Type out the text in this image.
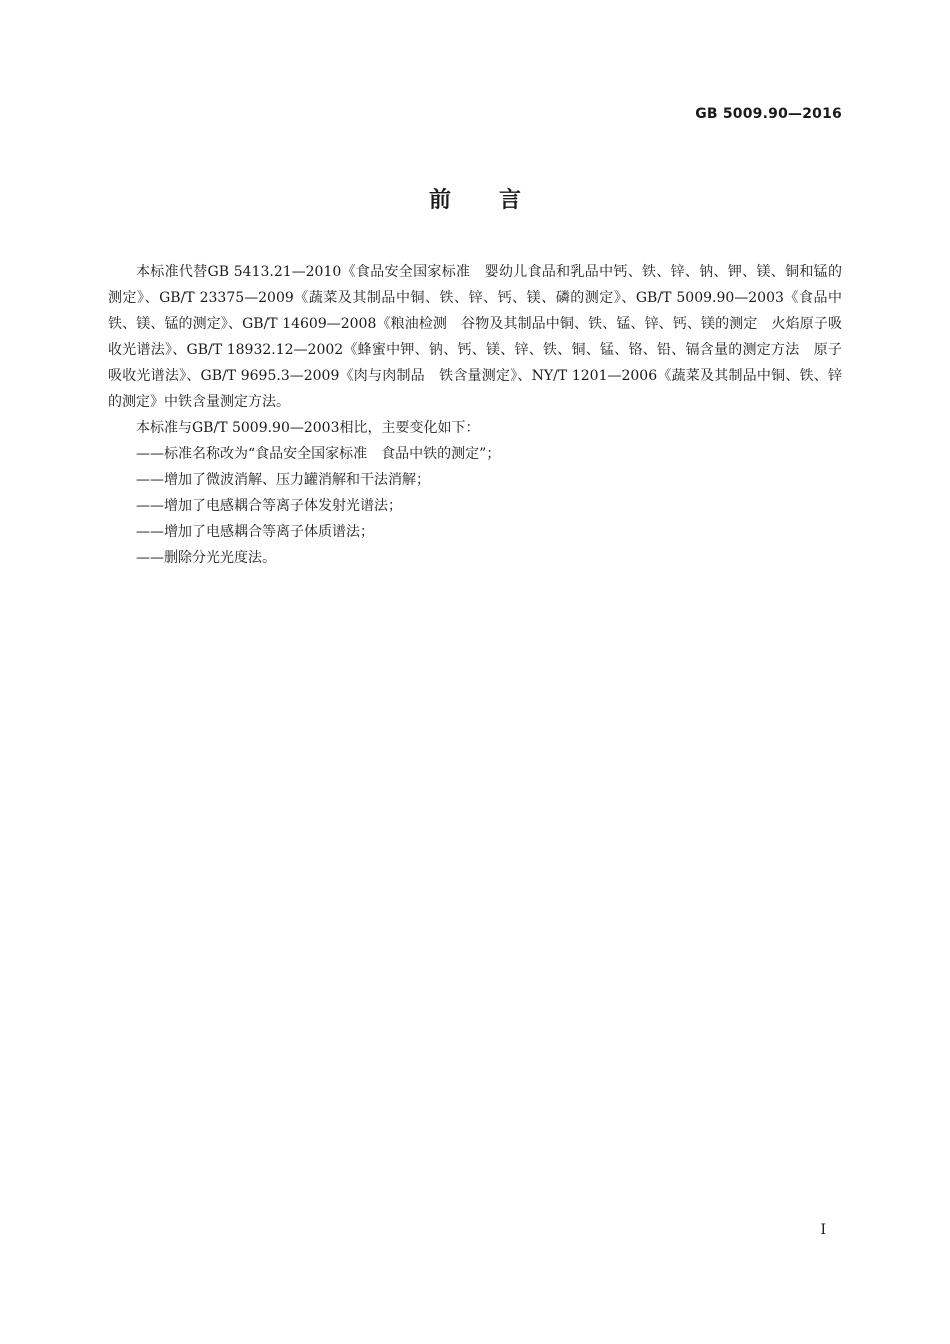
GB 5009.90—2016
前言

本标准代替GB 5413.21—2010《食品安全国家标准　婴幼儿食品和乳品中钙、铁、锌、钠、钾、镁、铜和锰的测定》、GB/T 23375—2009《蔬菜及其制品中铜、铁、锌、钙、镁、磷的测定》、GB/T 5009.90—2003《食品中铁、镁、锰的测定》、GB/T 14609—2008《粮油检测　谷物及其制品中铜、铁、锰、锌、钙、镁的测定　火焰原子吸收光谱法》、GB/T 18932.12—2002《蜂蜜中钾、钠、钙、镁、锌、铁、铜、锰、铬、铅、镉含量的测定方法　原子吸收光谱法》、GB/T 9695.3—2009《肉与肉制品　铁含量测定》、NY/T 1201—2006《蔬菜及其制品中铜、铁、锌的测定》中铁含量测定方法。

本标准与GB/T 5009.90—2003相比，主要变化如下：

——标准名称改为“食品安全国家标准　食品中铁的测定”；
——增加了微波消解、压力罐消解和干法消解；
——增加了电感耦合等离子体发射光谱法；
——增加了电感耦合等离子体质谱法；
——删除分光光度法。
I
